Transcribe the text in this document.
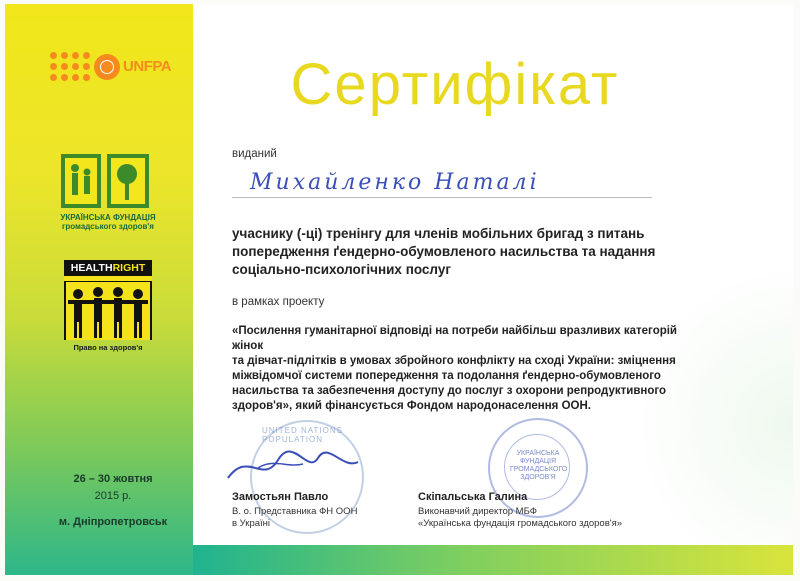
UNFPA
УКРАЇНСЬКА ФУНДАЦІЯ
громадського здоров'я
HEALTHRIGHT
Право на здоров'я
26 – 30 жовтня
2015 р.
м. Дніпропетровськ
Сертифікат
виданий
Михайленко Наталі
учаснику (-ці) тренінгу для членів мобільних бригад з питань
попередження ґендерно-обумовленого насильства та надання
соціально-психологічних послуг
в рамках проекту
«Посилення гуманітарної відповіді на потреби найбільш вразливих категорій жінок
та дівчат-підлітків в умовах збройного конфлікту на сході України: зміцнення
міжвідомчої системи попередження та подолання ґендерно-обумовленого
насильства та забезпечення доступу до послуг з охорони репродуктивного
здоров'я», який фінансується Фондом народонаселення ООН.
UNITED NATIONS POPULATION
УКРАЇНСЬКА
ФУНДАЦІЯ
ГРОМАДСЬКОГО
ЗДОРОВ'Я
Замостьян Павло
В. о. Представника ФН ООН
в Україні
Скіпальська Галина
Виконавчий директор МБФ
«Українська фундація громадського здоров'я»
